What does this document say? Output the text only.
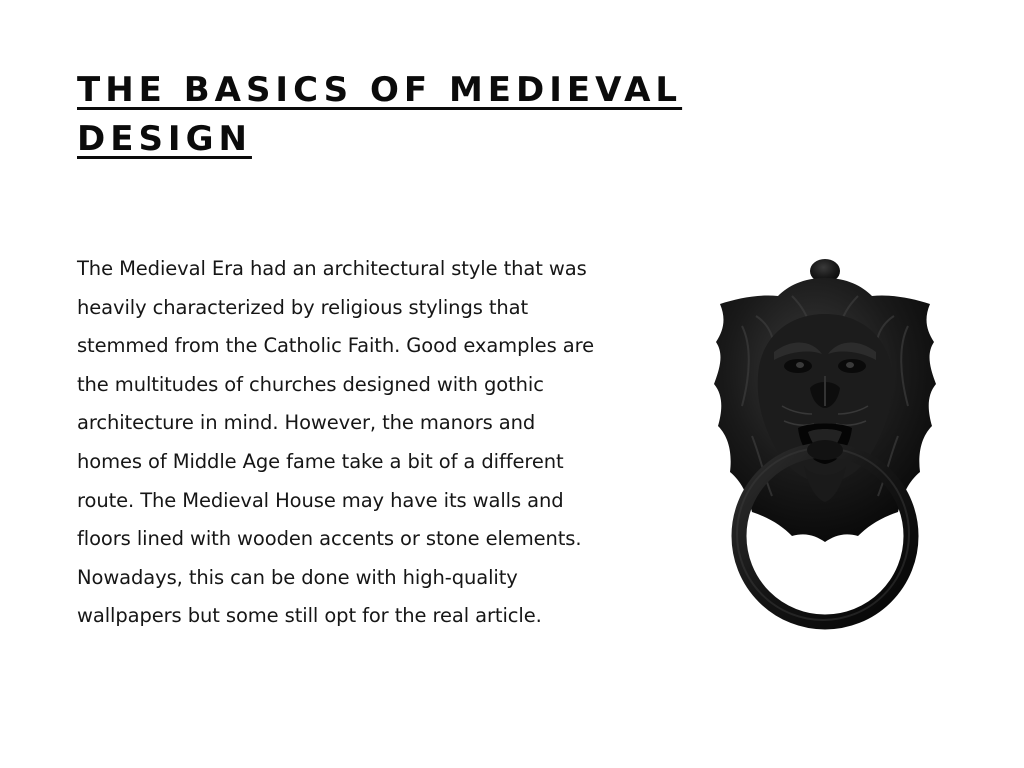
THE BASICS OF MEDIEVAL DESIGN

The Medieval Era had an architectural style that was heavily characterized by religious stylings that stemmed from the Catholic Faith. Good examples are the multitudes of churches designed with gothic architecture in mind. However, the manors and homes of Middle Age fame take a bit of a different route. The Medieval House may have its walls and floors lined with wooden accents or stone elements. Nowadays, this can be done with high-quality wallpapers but some still opt for the real article.
